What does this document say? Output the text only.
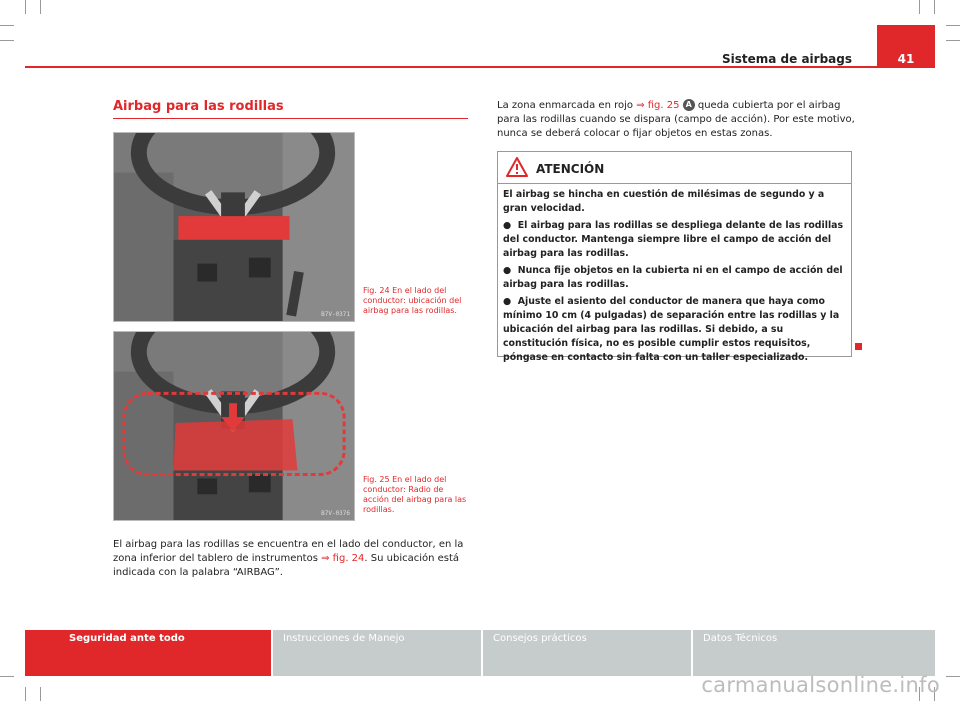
Sistema de airbags	41
Airbag para las rodillas
B7V-0371
Fig. 24 En el lado del conductor: ubicación del airbag para las rodillas.
B7V-0376
Fig. 25 En el lado del conductor: Radio de acción del airbag para las rodillas.
El airbag para las rodillas se encuentra en el lado del conductor, en la zona inferior del tablero de instrumentos ⇒ fig. 24. Su ubicación está indicada con la palabra “AIRBAG”.
La zona enmarcada en rojo ⇒ fig. 25 A queda cubierta por el airbag para las rodillas cuando se dispara (campo de acción). Por este motivo, nunca se deberá colocar o fijar objetos en estas zonas.
ATENCIÓN

El airbag se hincha en cuestión de milésimas de segundo y a gran velocidad.

● El airbag para las rodillas se despliega delante de las rodillas del conductor. Mantenga siempre libre el campo de acción del airbag para las rodillas.

● Nunca fije objetos en la cubierta ni en el campo de acción del airbag para las rodillas.

● Ajuste el asiento del conductor de manera que haya como mínimo 10 cm (4 pulgadas) de separación entre las rodillas y la ubicación del airbag para las rodillas. Si debido, a su constitución física, no es posible cumplir estos requisitos, póngase en contacto sin falta con un taller especializado.

Seguridad ante todo	Instrucciones de Manejo	Consejos prácticos	Datos Técnicos
carmanualsonline.info
